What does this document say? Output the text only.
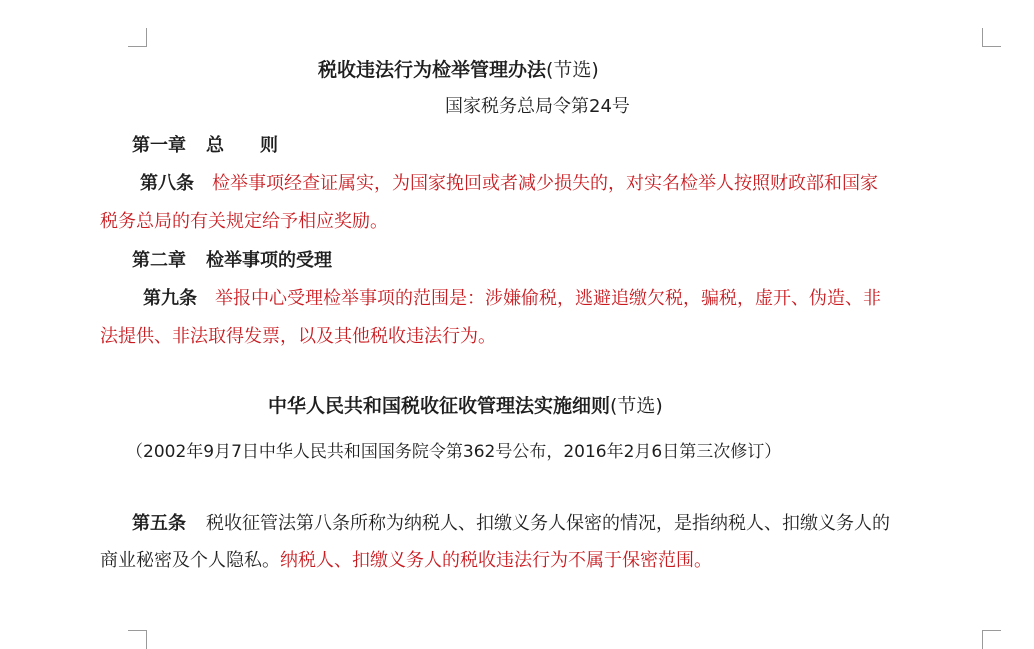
税收违法行为检举管理办法(节选)
国家税务总局令第24号
第一章 总 则
第八条 检举事项经查证属实，为国家挽回或者减少损失的，对实名检举人按照财政部和国家
税务总局的有关规定给予相应奖励。
第二章 检举事项的受理
第九条 举报中心受理检举事项的范围是：涉嫌偷税，逃避追缴欠税，骗税，虚开、伪造、非
法提供、非法取得发票，以及其他税收违法行为。
中华人民共和国税收征收管理法实施细则(节选)
（2002年9月7日中华人民共和国国务院令第362号公布，2016年2月6日第三次修订）
第五条 税收征管法第八条所称为纳税人、扣缴义务人保密的情况，是指纳税人、扣缴义务人的
商业秘密及个人隐私。纳税人、扣缴义务人的税收违法行为不属于保密范围。
